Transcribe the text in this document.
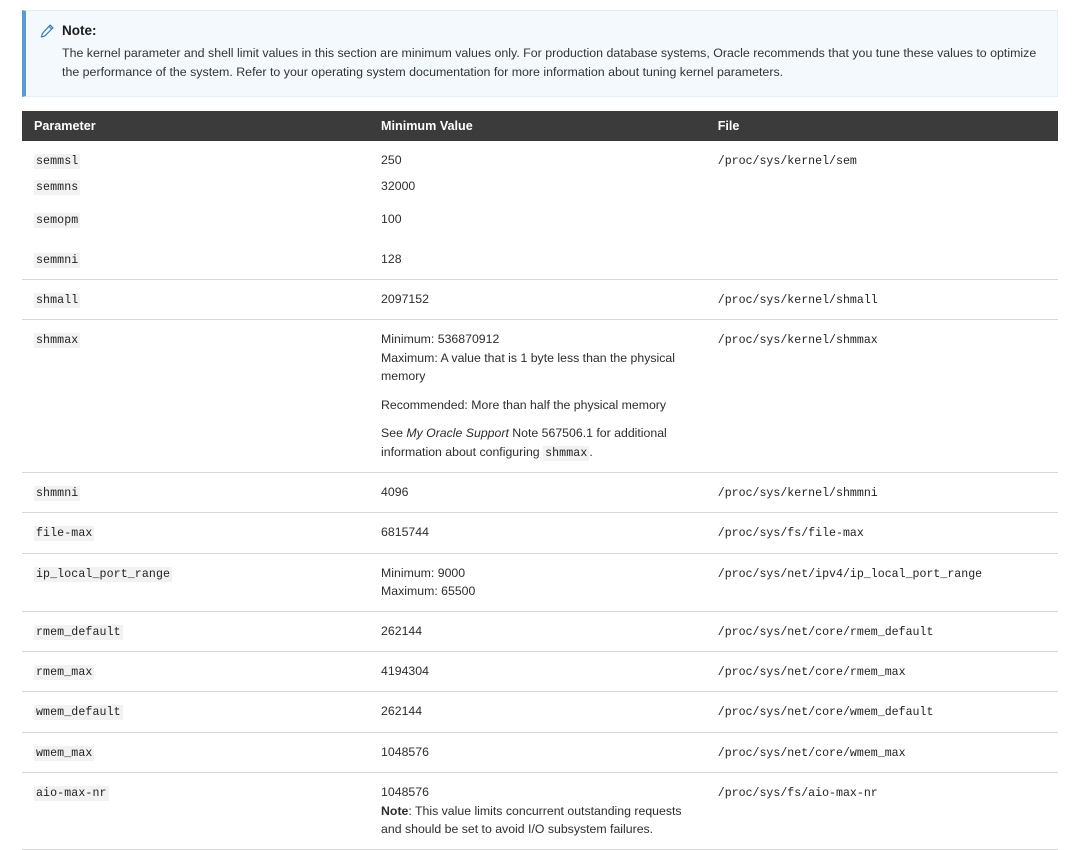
Note:
The kernel parameter and shell limit values in this section are minimum values only. For production database systems, Oracle recommends that you tune these values to optimize the performance of the system. Refer to your operating system documentation for more information about tuning kernel parameters.
Parameter	Minimum Value	File
semmsl	250	/proc/sys/kernel/sem
semmns	32000	
semopm	100	
semmni	128	
shmall	2097152	/proc/sys/kernel/shmall
shmmax	Minimum: 536870912
Maximum: A value that is 1 byte less than the physical memory
Recommended: More than half the physical memory
See My Oracle Support Note 567506.1 for additional information about configuring shmmax .	/proc/sys/kernel/shmmax
shmmni	4096	/proc/sys/kernel/shmmni
file-max	6815744	/proc/sys/fs/file-max
ip_local_port_range	Minimum: 9000
Maximum: 65500	/proc/sys/net/ipv4/ip_local_port_range
rmem_default	262144	/proc/sys/net/core/rmem_default
rmem_max	4194304	/proc/sys/net/core/rmem_max
wmem_default	262144	/proc/sys/net/core/wmem_default
wmem_max	1048576	/proc/sys/net/core/wmem_max
aio-max-nr	1048576
Note: This value limits concurrent outstanding requests and should be set to avoid I/O subsystem failures.	/proc/sys/fs/aio-max-nr
